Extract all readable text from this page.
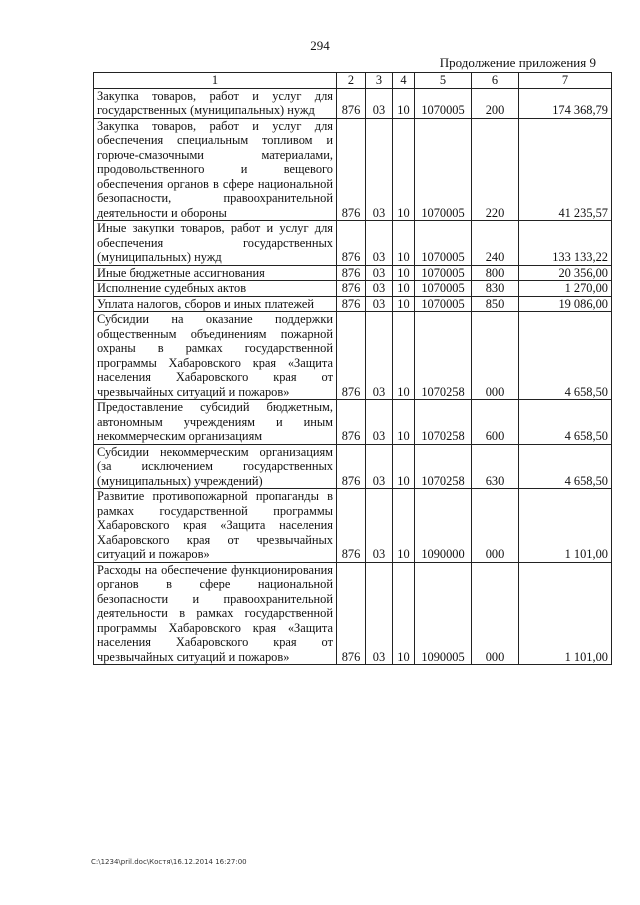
294
Продолжение приложения 9
1	2	3	4	5	6	7
Закупка товаров, работ и услуг для государственных (муниципальных) нужд	876	03	10	1070005	200	174 368,79
Закупка товаров, работ и услуг для обеспечения специальным топливом и горюче-смазочными материалами, продовольственного и вещевого обеспечения органов в сфере национальной безопасности, правоохранительной деятельности и обороны	876	03	10	1070005	220	41 235,57
Иные закупки товаров, работ и услуг для обеспечения государственных (муниципальных) нужд	876	03	10	1070005	240	133 133,22
Иные бюджетные ассигнования	876	03	10	1070005	800	20 356,00
Исполнение судебных актов	876	03	10	1070005	830	1 270,00
Уплата налогов, сборов и иных платежей	876	03	10	1070005	850	19 086,00
Субсидии на оказание поддержки общественным объединениям пожарной охраны в рамках государственной программы Хабаровского края «Защита населения Хабаровского края от чрезвычайных ситуаций и пожаров»	876	03	10	1070258	000	4 658,50
Предоставление субсидий бюджетным, автономным учреждениям и иным некоммерческим организациям	876	03	10	1070258	600	4 658,50
Субсидии некоммерческим организациям (за исключением государственных (муниципальных) учреждений)	876	03	10	1070258	630	4 658,50
Развитие противопожарной пропаганды в рамках государственной программы Хабаровского края «Защита населения Хабаровского края от чрезвычайных ситуаций и пожаров»	876	03	10	1090000	000	1 101,00
Расходы на обеспечение функционирования органов в сфере национальной безопасности и правоохранительной деятельности в рамках государственной программы Хабаровского края «Защита населения Хабаровского края от чрезвычайных ситуаций и пожаров»	876	03	10	1090005	000	1 101,00
C:\1234\pril.doc\Костя\16.12.2014 16:27:00
